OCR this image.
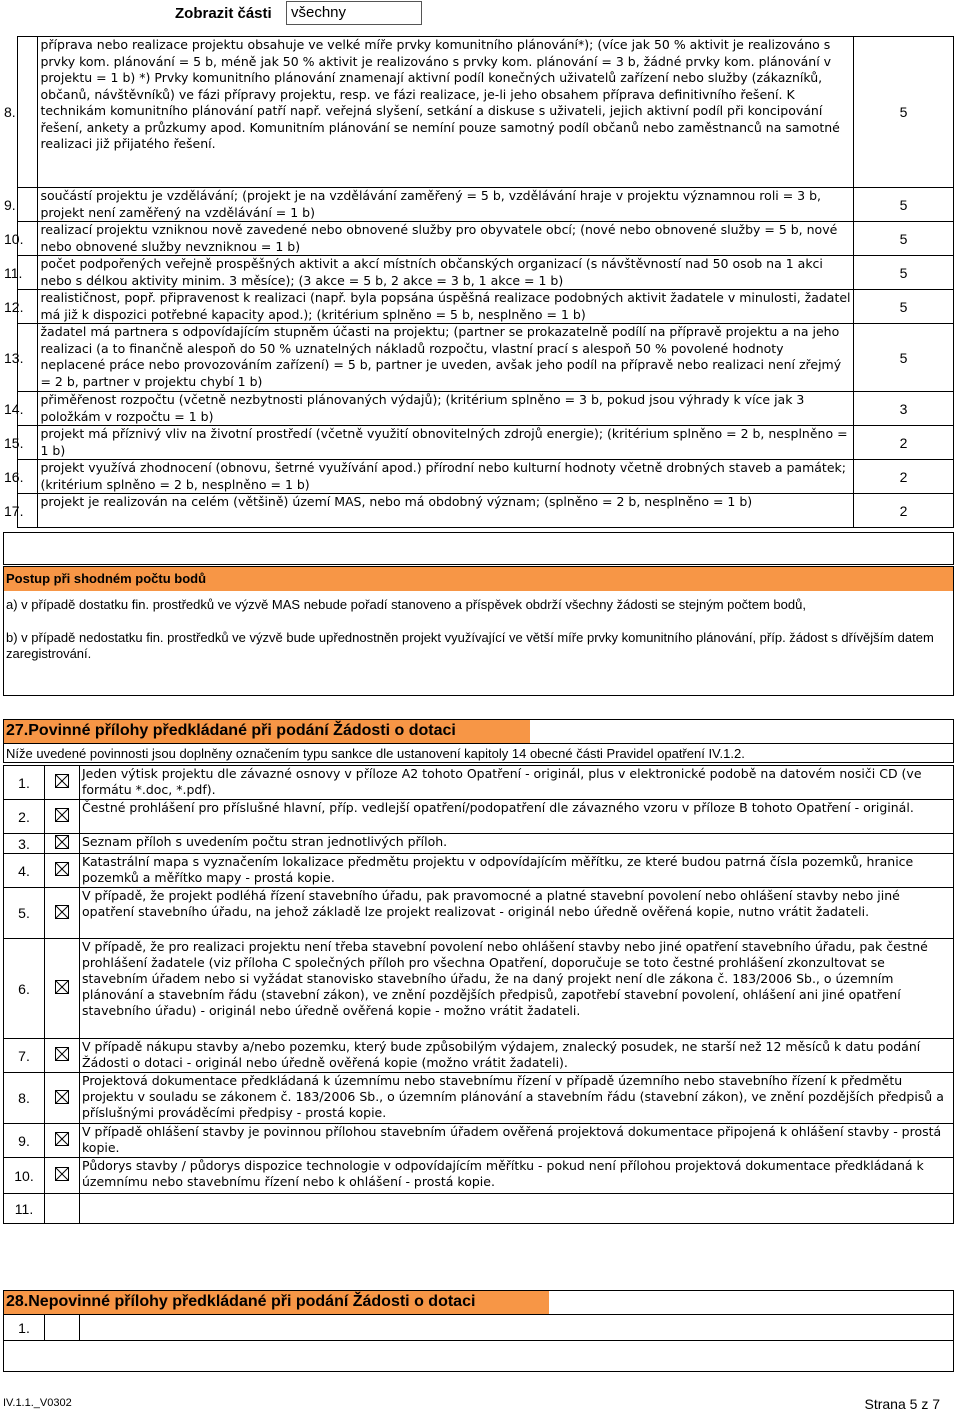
Zobrazit části	všechny
8.	příprava nebo realizace projektu obsahuje ve velké míře prvky komunitního plánování*); (více jak 50 % aktivit je realizováno s prvky kom. plánování = 5 b, méně jak 50 % aktivit je realizováno s prvky kom. plánování = 3 b, žádné prvky kom. plánování v projektu = 1 b) *) Prvky komunitního plánování znamenají aktivní podíl konečných uživatelů zařízení nebo služby (zákazníků, občanů, návštěvníků) ve fázi přípravy projektu, resp. ve fázi realizace, je-li jeho obsahem příprava definitivního řešení. K technikám komunitního plánování patří např. veřejná slyšení, setkání a diskuse s uživateli, jejich aktivní podíl při koncipování řešení, ankety a průzkumy apod. Komunitním plánování se nemíní pouze samotný podíl občanů nebo zaměstnanců na samotné realizaci již přijatého řešení.	5
9.	součástí projektu je vzdělávání; (projekt je na vzdělávání zaměřený = 5 b, vzdělávání hraje v projektu významnou roli = 3 b, projekt není zaměřený na vzdělávání = 1 b)	5
10.	realizací projektu vzniknou nově zavedené nebo obnovené služby pro obyvatele obcí; (nové nebo obnovené služby = 5 b, nové nebo obnovené služby nevzniknou = 1 b)	5
11.	počet podpořených veřejně prospěšných aktivit a akcí místních občanských organizací (s návštěvností nad 50 osob na 1 akci nebo s délkou aktivity minim. 3 měsíce); (3 akce = 5 b, 2 akce = 3 b, 1 akce = 1 b)	5
12.	realističnost, popř. připravenost k realizaci (např. byla popsána úspěšná realizace podobných aktivit žadatele v minulosti, žadatel má již k dispozici potřebné kapacity apod.); (kritérium splněno = 5 b, nesplněno = 1 b)	5
13.	žadatel má partnera s odpovídajícím stupněm účasti na projektu; (partner se prokazatelně podílí na přípravě projektu a na jeho realizaci (a to finančně alespoň do 50 % uznatelných nákladů rozpočtu, vlastní prací s alespoň 50 % povolené hodnoty neplacené práce nebo provozováním zařízení) = 5 b, partner je uveden, avšak jeho podíl na přípravě nebo realizaci není zřejmý = 2 b, partner v projektu chybí 1 b)	5
14.	přiměřenost rozpočtu (včetně nezbytnosti plánovaných výdajů); (kritérium splněno = 3 b, pokud jsou výhrady k více jak 3 položkám v rozpočtu = 1 b)	3
15.	projekt má příznivý vliv na životní prostředí (včetně využití obnovitelných zdrojů energie); (kritérium splněno = 2 b, nesplněno = 1 b)	2
16.	projekt využívá zhodnocení (obnovu, šetrné využívání apod.) přírodní nebo kulturní hodnoty včetně drobných staveb a památek; (kritérium splněno = 2 b, nesplněno = 1 b)	2
17.	projekt je realizován na celém (většině) území MAS, nebo má obdobný význam; (splněno = 2 b, nesplněno = 1 b)	2
Postup při shodném počtu bodů
a) v případě dostatku fin. prostředků ve výzvě MAS nebude pořadí stanoveno a příspěvek obdrží všechny žádosti se stejným počtem bodů,
b) v případě nedostatku fin. prostředků ve výzvě bude upřednostněn projekt využívající ve větší míře prvky komunitního plánování, příp. žádost s dřívějším datem zaregistrování.
27.Povinné přílohy předkládané při podání Žádosti o dotaci
Níže uvedené povinnosti jsou doplněny označením typu sankce dle ustanovení kapitoly 14 obecné části Pravidel opatření IV.1.2.
1.		Jeden výtisk projektu dle závazné osnovy v příloze A2 tohoto Opatření - originál, plus v elektronické podobě na datovém nosiči CD (ve formátu *.doc, *.pdf).
2.		Čestné prohlášení pro příslušné hlavní, příp. vedlejší opatření/podopatření dle závazného vzoru v příloze B tohoto Opatření - originál.
3.		Seznam příloh s uvedením počtu stran jednotlivých příloh.
4.		Katastrální mapa s vyznačením lokalizace předmětu projektu v odpovídajícím měřítku, ze které budou patrná čísla pozemků, hranice pozemků a měřítko mapy - prostá kopie.
5.		V případě, že projekt podléhá řízení stavebního úřadu, pak pravomocné a platné stavební povolení nebo ohlášení stavby nebo jiné opatření stavebního úřadu, na jehož základě lze projekt realizovat - originál nebo úředně ověřená kopie, nutno vrátit žadateli.
6.		V případě, že pro realizaci projektu není třeba stavební povolení nebo ohlášení stavby nebo jiné opatření stavebního úřadu, pak čestné prohlášení žadatele (viz příloha C společných příloh pro všechna Opatření, doporučuje se toto čestné prohlášení zkonzultovat se stavebním úřadem nebo si vyžádat stanovisko stavebního úřadu, že na daný projekt není dle zákona č. 183/2006 Sb., o územním plánování a stavebním řádu (stavební zákon), ve znění pozdějších předpisů, zapotřebí stavební povolení, ohlášení ani jiné opatření stavebního úřadu) - originál nebo úředně ověřená kopie - možno vrátit žadateli.
7.		V případě nákupu stavby a/nebo pozemku, který bude způsobilým výdajem, znalecký posudek, ne starší než 12 měsíců k datu podání Žádosti o dotaci - originál nebo úředně ověřená kopie (možno vrátit žadateli).
8.		Projektová dokumentace předkládaná k územnímu nebo stavebnímu řízení v případě územního nebo stavebního řízení k předmětu projektu v souladu se zákonem č. 183/2006 Sb., o územním plánování a stavebním řádu (stavební zákon), ve znění pozdějších předpisů a příslušnými prováděcími předpisy - prostá kopie.
9.		V případě ohlášení stavby je povinnou přílohou stavebním úřadem ověřená projektová dokumentace připojená k ohlášení stavby - prostá kopie.
10.		Půdorys stavby / půdorys dispozice technologie v odpovídajícím měřítku - pokud není přílohou projektová dokumentace předkládaná k územnímu nebo stavebnímu řízení nebo k ohlášení - prostá kopie.
11.		
28.Nepovinné přílohy předkládané při podání Žádosti o dotaci
1.		
IV.1.1._V0302	Strana 5 z 7
